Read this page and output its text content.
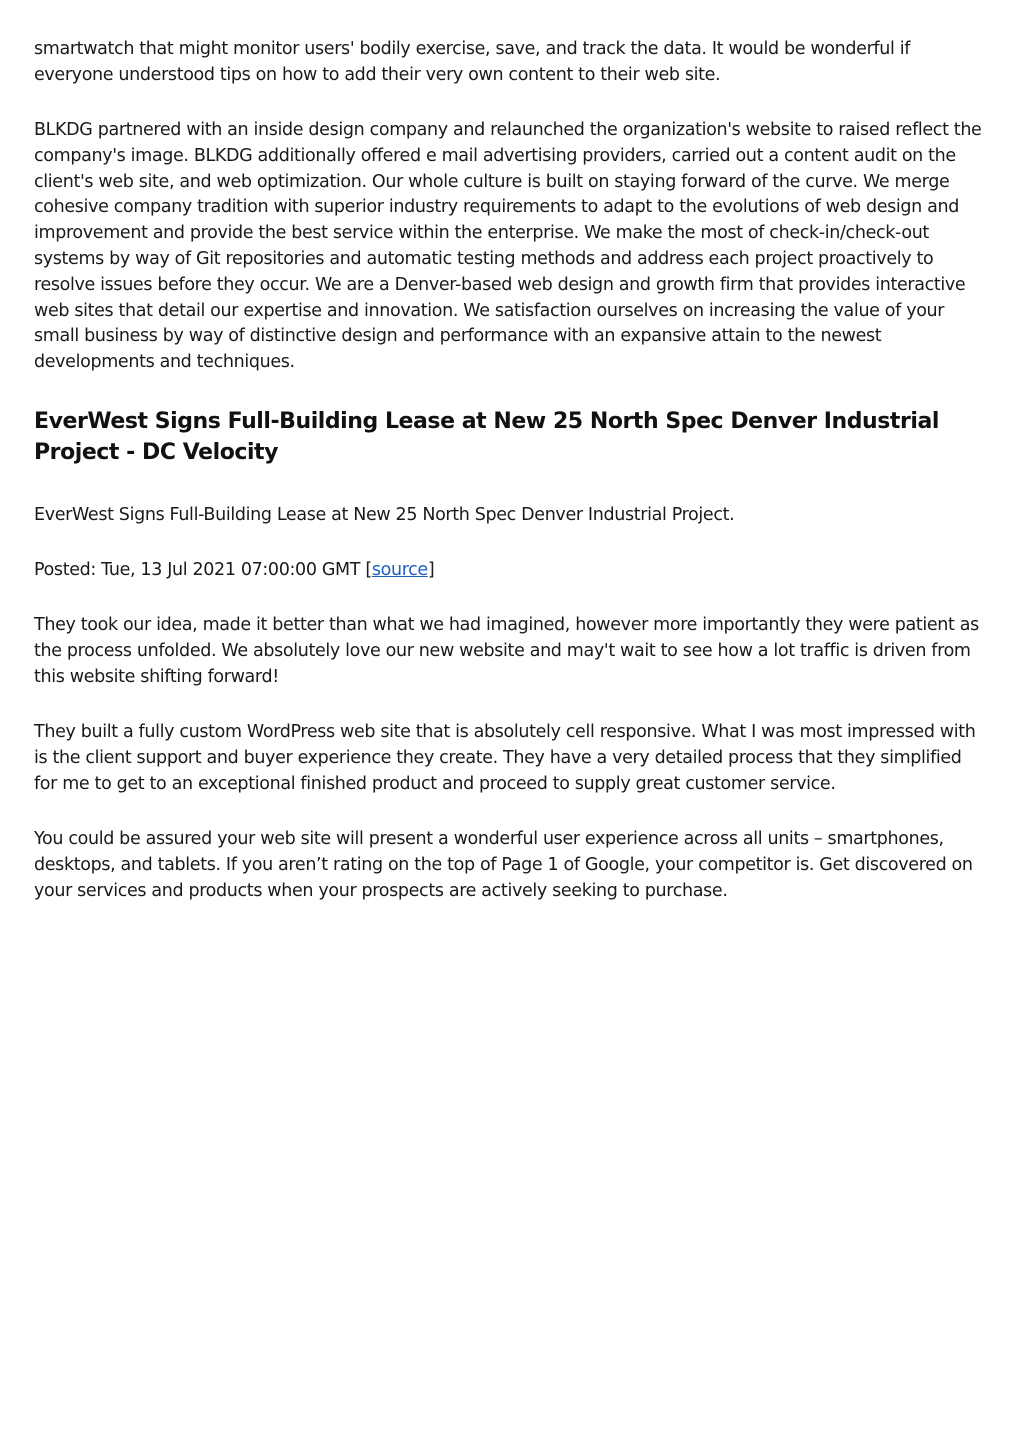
smartwatch that might monitor users' bodily exercise, save, and track the data. It would be wonderful if everyone understood tips on how to add their very own content to their web site.

BLKDG partnered with an inside design company and relaunched the organization's website to raised reflect the company's image. BLKDG additionally offered e mail advertising providers, carried out a content audit on the client's web site, and web optimization. Our whole culture is built on staying forward of the curve. We merge cohesive company tradition with superior industry requirements to adapt to the evolutions of web design and improvement and provide the best service within the enterprise. We make the most of check-in/check-out systems by way of Git repositories and automatic testing methods and address each project proactively to resolve issues before they occur. We are a Denver-based web design and growth firm that provides interactive web sites that detail our expertise and innovation. We satisfaction ourselves on increasing the value of your small business by way of distinctive design and performance with an expansive attain to the newest developments and techniques.

EverWest Signs Full-Building Lease at New 25 North Spec Denver Industrial Project - DC Velocity

EverWest Signs Full-Building Lease at New 25 North Spec Denver Industrial Project.

Posted: Tue, 13 Jul 2021 07:00:00 GMT [source]

They took our idea, made it better than what we had imagined, however more importantly they were patient as the process unfolded. We absolutely love our new website and may't wait to see how a lot traffic is driven from this website shifting forward!

They built a fully custom WordPress web site that is absolutely cell responsive. What I was most impressed with is the client support and buyer experience they create. They have a very detailed process that they simplified for me to get to an exceptional finished product and proceed to supply great customer service.

You could be assured your web site will present a wonderful user experience across all units – smartphones, desktops, and tablets. If you aren’t rating on the top of Page 1 of Google, your competitor is. Get discovered on your services and products when your prospects are actively seeking to purchase.
